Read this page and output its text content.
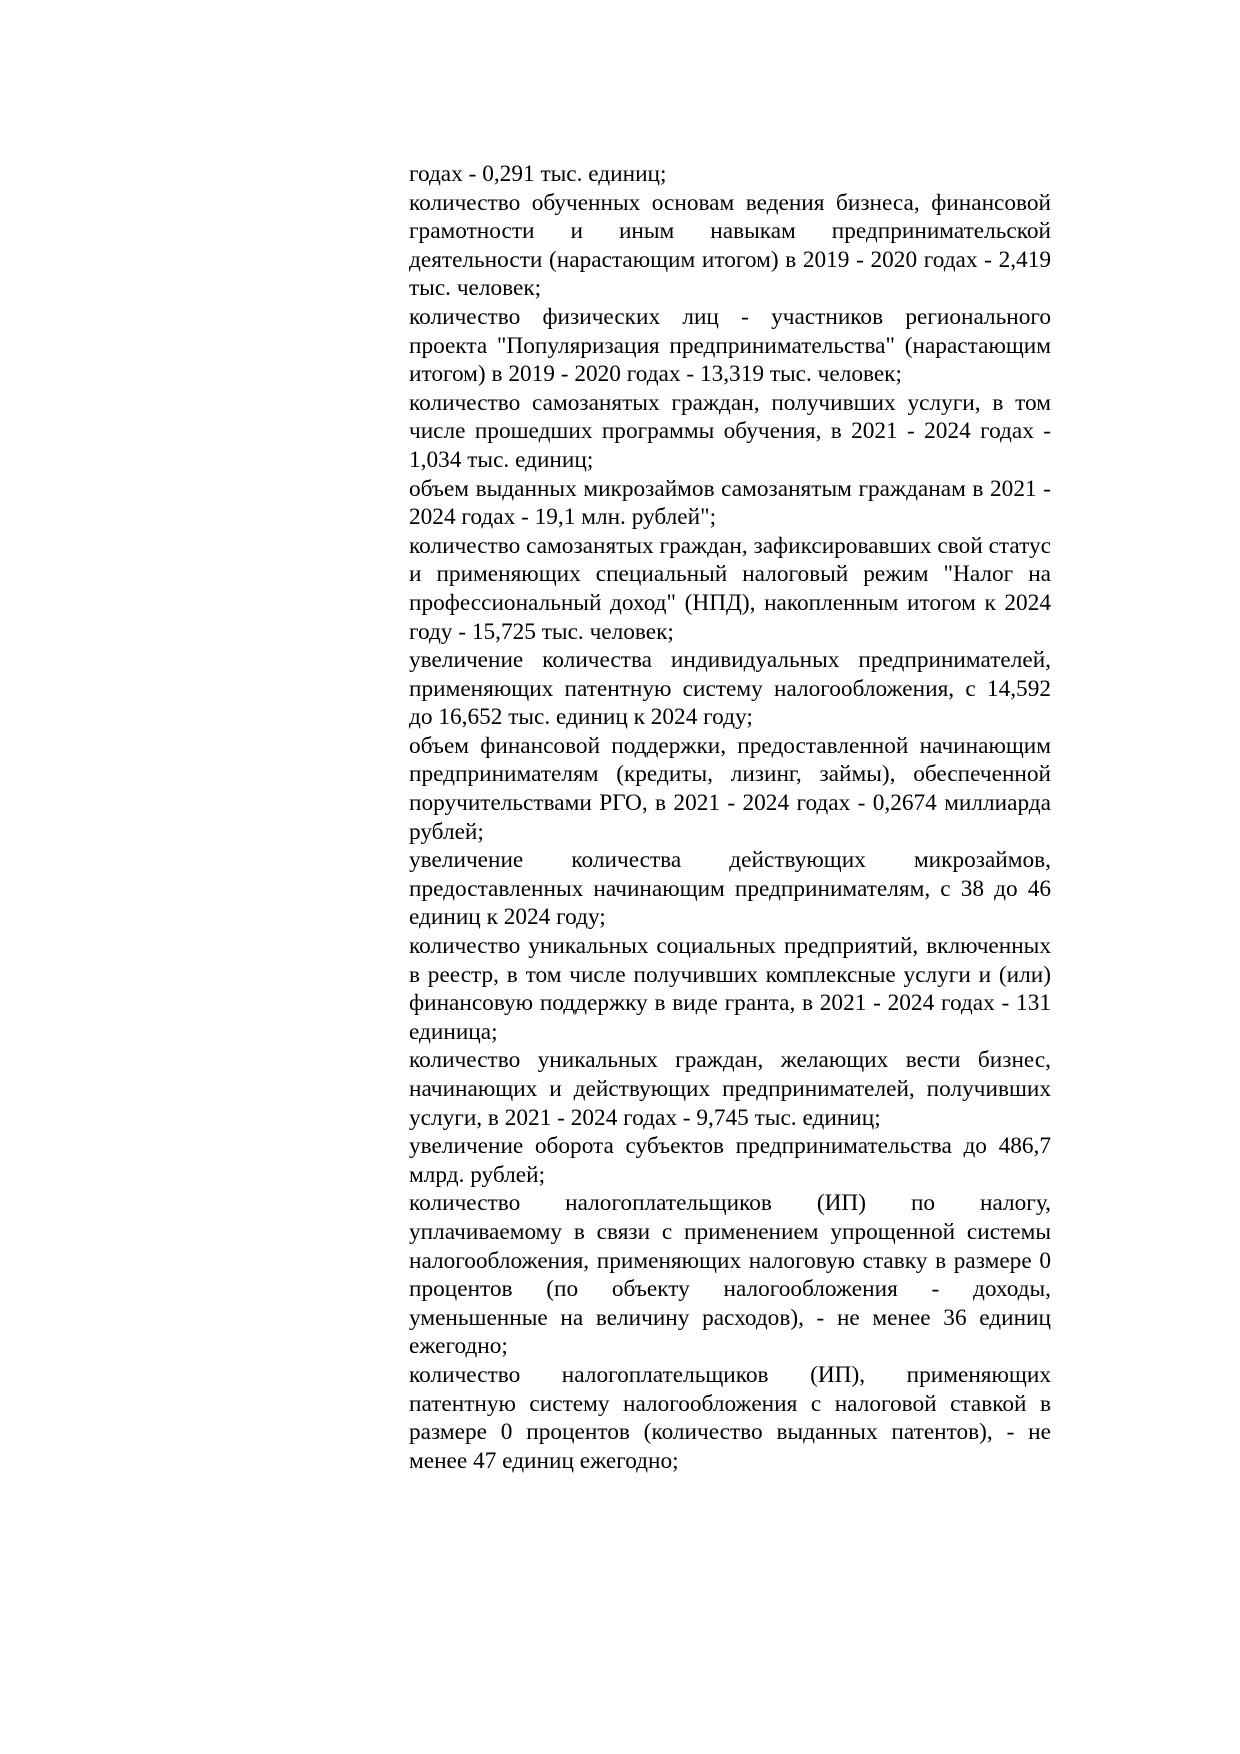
годах - 0,291 тыс. единиц;

количество обученных основам ведения бизнеса, финансовой грамотности и иным навыкам предпринимательской деятельности (нарастающим итогом) в 2019 - 2020 годах - 2,419 тыс. человек;

количество физических лиц - участников регионального проекта "Популяризация предпринимательства" (нарастающим итогом) в 2019 - 2020 годах - 13,319 тыс. человек;

количество самозанятых граждан, получивших услуги, в том числе прошедших программы обучения, в 2021 - 2024 годах - 1,034 тыс. единиц;

объем выданных микрозаймов самозанятым гражданам в 2021 - 2024 годах - 19,1 млн. рублей";

количество самозанятых граждан, зафиксировавших свой статус и применяющих специальный налоговый режим "Налог на профессиональный доход" (НПД), накопленным итогом к 2024 году - 15,725 тыс. человек;

увеличение количества индивидуальных предпринимателей, применяющих патентную систему налогообложения, с 14,592 до 16,652 тыс. единиц к 2024 году;

объем финансовой поддержки, предоставленной начинающим предпринимателям (кредиты, лизинг, займы), обеспеченной поручительствами РГО, в 2021 - 2024 годах - 0,2674 миллиарда рублей;

увеличение количества действующих микрозаймов, предоставленных начинающим предпринимателям, с 38 до 46 единиц к 2024 году;

количество уникальных социальных предприятий, включенных в реестр, в том числе получивших комплексные услуги и (или) финансовую поддержку в виде гранта, в 2021 - 2024 годах - 131 единица;

количество уникальных граждан, желающих вести бизнес, начинающих и действующих предпринимателей, получивших услуги, в 2021 - 2024 годах - 9,745 тыс. единиц;

увеличение оборота субъектов предпринимательства до 486,7 млрд. рублей;

количество налогоплательщиков (ИП) по налогу, уплачиваемому в связи с применением упрощенной системы налогообложения, применяющих налоговую ставку в размере 0 процентов (по объекту налогообложения - доходы, уменьшенные на величину расходов), - не менее 36 единиц ежегодно;

количество налогоплательщиков (ИП), применяющих патентную систему налогообложения с налоговой ставкой в размере 0 процентов (количество выданных патентов), - не менее 47 единиц ежегодно;
